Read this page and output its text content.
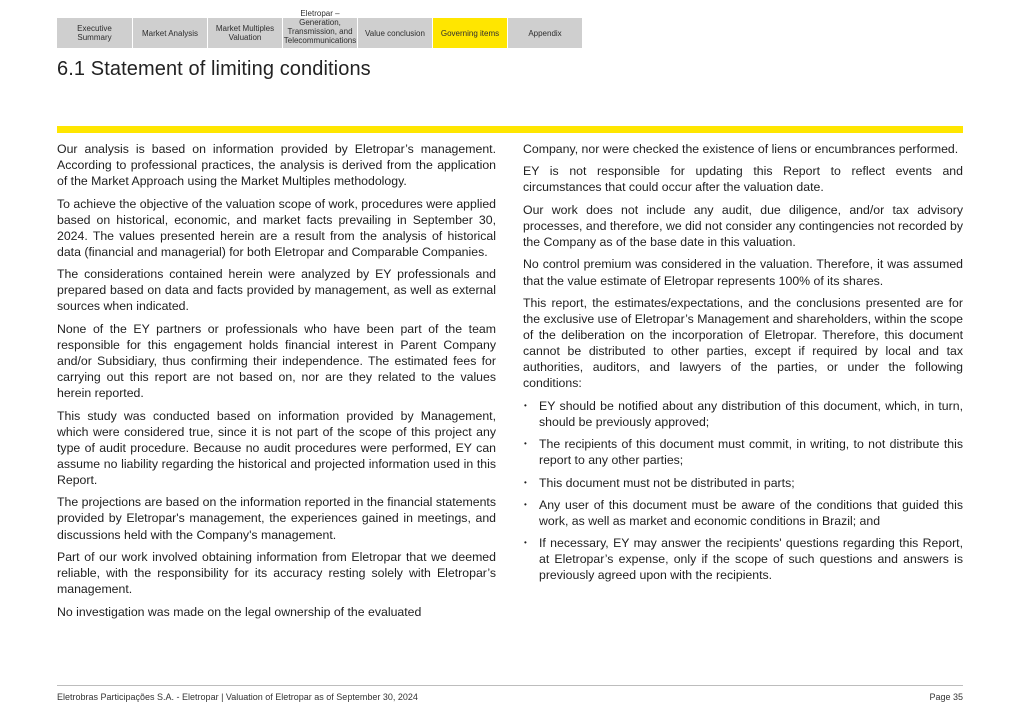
Executive Summary	Market Analysis	Market Multiples Valuation
Eletropar – Generation, Transmission, and Telecommunications
Value conclusion	Governing items	Appendix
6.1 Statement of limiting conditions

Our analysis is based on information provided by Eletropar’s management. According to professional practices, the analysis is derived from the application of the Market Approach using the Market Multiples methodology.

To achieve the objective of the valuation scope of work, procedures were applied based on historical, economic, and market facts prevailing in September 30, 2024. The values presented herein are a result from the analysis of historical data (financial and managerial) for both Eletropar and Comparable Companies.

The considerations contained herein were analyzed by EY professionals and prepared based on data and facts provided by management, as well as external sources when indicated.

None of the EY partners or professionals who have been part of the team responsible for this engagement holds financial interest in Parent Company and/or Subsidiary, thus confirming their independence. The estimated fees for carrying out this report are not based on, nor are they related to the values herein reported.

This study was conducted based on information provided by Management, which were considered true, since it is not part of the scope of this project any type of audit procedure. Because no audit procedures were performed, EY can assume no liability regarding the historical and projected information used in this Report.

The projections are based on the information reported in the financial statements provided by Eletropar's management, the experiences gained in meetings, and discussions held with the Company's management.

Part of our work involved obtaining information from Eletropar that we deemed reliable, with the responsibility for its accuracy resting solely with Eletropar’s management.

No investigation was made on the legal ownership of the evaluated

Company, nor were checked the existence of liens or encumbrances performed.

EY is not responsible for updating this Report to reflect events and circumstances that could occur after the valuation date.

Our work does not include any audit, due diligence, and/or tax advisory processes, and therefore, we did not consider any contingencies not recorded by the Company as of the base date in this valuation.

No control premium was considered in the valuation. Therefore, it was assumed that the value estimate of Eletropar represents 100% of its shares.

This report, the estimates/expectations, and the conclusions presented are for the exclusive use of Eletropar’s Management and shareholders, within the scope of the deliberation on the incorporation of Eletropar. Therefore, this document cannot be distributed to other parties, except if required by local and tax authorities, auditors, and lawyers of the parties, or under the following conditions:

• EY should be notified about any distribution of this document, which, in turn, should be previously approved;
• The recipients of this document must commit, in writing, to not distribute this report to any other parties;
• This document must not be distributed in parts;
• Any user of this document must be aware of the conditions that guided this work, as well as market and economic conditions in Brazil; and
• If necessary, EY may answer the recipients' questions regarding this Report, at Eletropar’s expense, only if the scope of such questions and answers is previously agreed upon with the recipients.
Eletrobras Participações S.A. - Eletropar | Valuation of Eletropar as of September 30, 2024	Page 35
